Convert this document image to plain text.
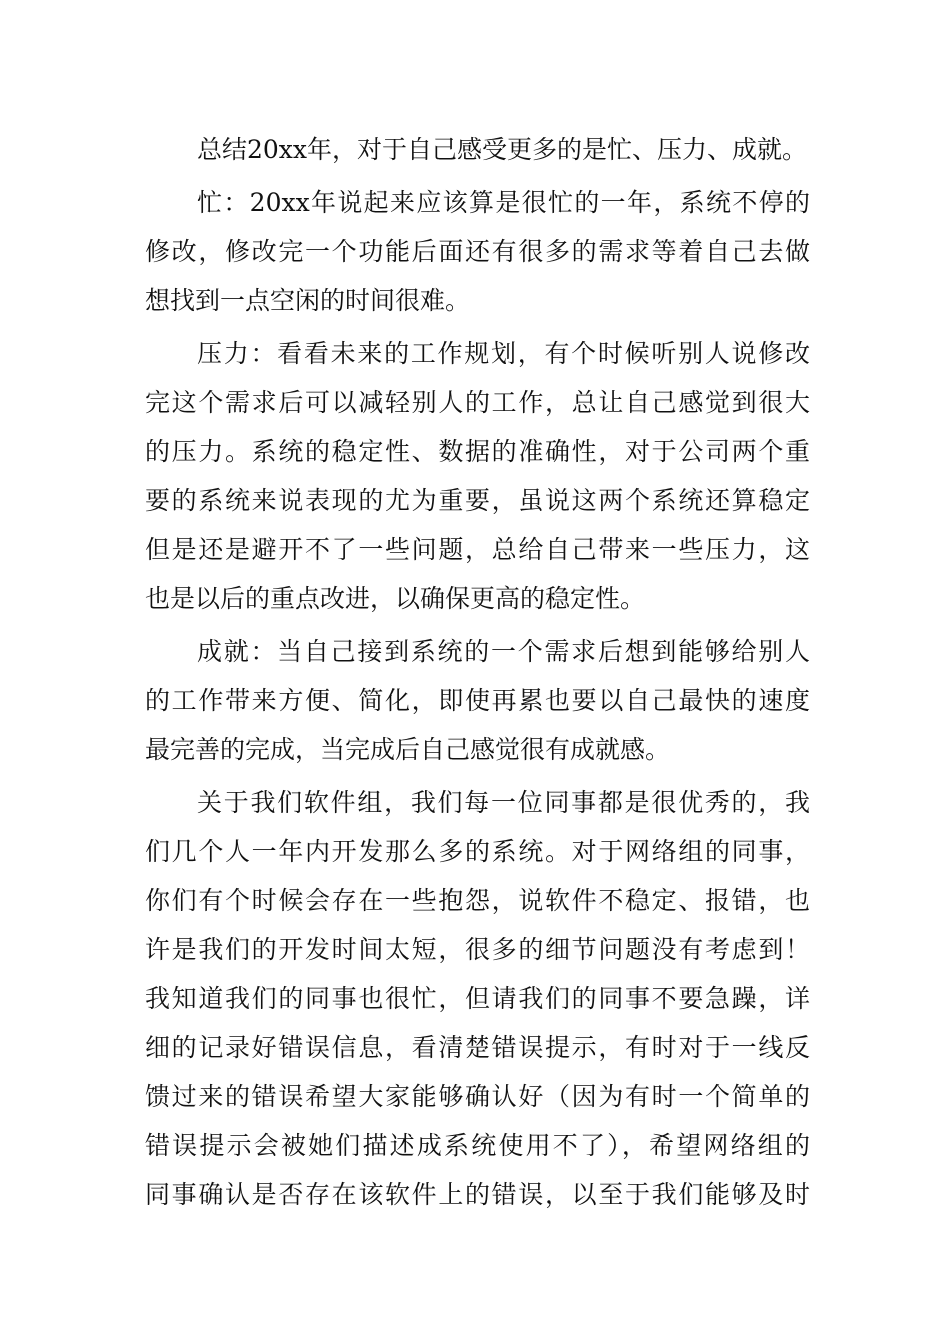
总结20xx年，对于自己感受更多的是忙、压力、成就。
忙：20xx年说起来应该算是很忙的一年，系统不停的
修改，修改完一个功能后面还有很多的需求等着自己去做
想找到一点空闲的时间很难。
压力：看看未来的工作规划，有个时候听别人说修改
完这个需求后可以减轻别人的工作，总让自己感觉到很大
的压力。系统的稳定性、数据的准确性，对于公司两个重
要的系统来说表现的尤为重要，虽说这两个系统还算稳定
但是还是避开不了一些问题，总给自己带来一些压力，这
也是以后的重点改进，以确保更高的稳定性。
成就：当自己接到系统的一个需求后想到能够给别人
的工作带来方便、简化，即使再累也要以自己最快的速度
最完善的完成，当完成后自己感觉很有成就感。
关于我们软件组，我们每一位同事都是很优秀的，我
们几个人一年内开发那么多的系统。对于网络组的同事，
你们有个时候会存在一些抱怨，说软件不稳定、报错，也
许是我们的开发时间太短，很多的细节问题没有考虑到！
我知道我们的同事也很忙，但请我们的同事不要急躁，详
细的记录好错误信息，看清楚错误提示，有时对于一线反
馈过来的错误希望大家能够确认好（因为有时一个简单的
错误提示会被她们描述成系统使用不了），希望网络组的
同事确认是否存在该软件上的错误，以至于我们能够及时
